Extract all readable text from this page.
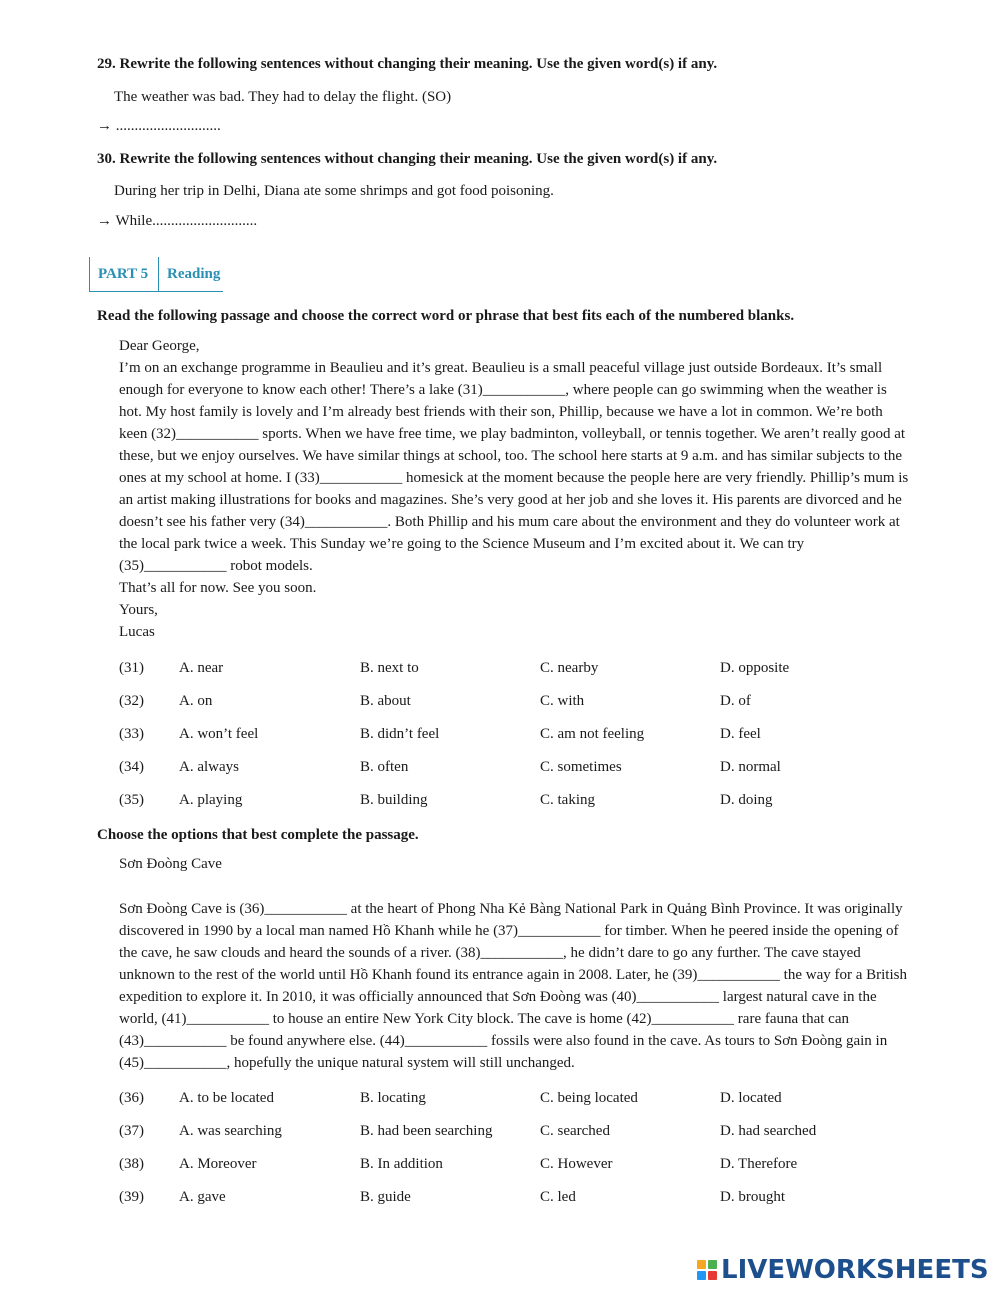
29. Rewrite the following sentences without changing their meaning. Use the given word(s) if any.
The weather was bad. They had to delay the flight. (SO)
→ ............................
30. Rewrite the following sentences without changing their meaning. Use the given word(s) if any.
During her trip in Delhi, Diana ate some shrimps and got food poisoning.
→ While............................
PART 5 Reading
Read the following passage and choose the correct word or phrase that best fits each of the numbered blanks.

Dear George,

I’m on an exchange programme in Beaulieu and it’s great. Beaulieu is a small peaceful village just outside Bordeaux. It’s small enough for everyone to know each other! There’s a lake (31)___________, where people can go swimming when the weather is hot. My host family is lovely and I’m already best friends with their son, Phillip, because we have a lot in common. We’re both keen (32)___________ sports. When we have free time, we play badminton, volleyball, or tennis together. We aren’t really good at these, but we enjoy ourselves. We have similar things at school, too. The school here starts at 9 a.m. and has similar subjects to the ones at my school at home. I (33)___________ homesick at the moment because the people here are very friendly. Phillip’s mum is an artist making illustrations for books and magazines. She’s very good at her job and she loves it. His parents are divorced and he doesn’t see his father very (34)___________. Both Phillip and his mum care about the environment and they do volunteer work at the local park twice a week. This Sunday we’re going to the Science Museum and I’m excited about it. We can try (35)___________ robot models.

That’s all for now. See you soon.

Yours,

Lucas

(31) A. near	B. next to	C. nearby	D. opposite
(32) A. on	B. about	C. with	D. of
(33) A. won’t feel	B. didn’t feel	C. am not feeling	D. feel
(34) A. always	B. often	C. sometimes	D. normal
(35) A. playing	B. building	C. taking	D. doing
Choose the options that best complete the passage.
Sơn Đoòng Cave

Sơn Đoòng Cave is (36)___________ at the heart of Phong Nha Kẻ Bàng National Park in Quảng Bình Province. It was originally discovered in 1990 by a local man named Hồ Khanh while he (37)___________ for timber. When he peered inside the opening of the cave, he saw clouds and heard the sounds of a river. (38)___________, he didn’t dare to go any further. The cave stayed unknown to the rest of the world until Hồ Khanh found its entrance again in 2008. Later, he (39)___________ the way for a British expedition to explore it. In 2010, it was officially announced that Sơn Đoòng was (40)___________ largest natural cave in the world, (41)___________ to house an entire New York City block. The cave is home (42)___________ rare fauna that can (43)___________ be found anywhere else. (44)___________ fossils were also found in the cave. As tours to Sơn Đoòng gain in (45)___________, hopefully the unique natural system will still unchanged.

(36) A. to be located	B. locating	C. being located	D. located
(37) A. was searching	B. had been searching	C. searched	D. had searched
(38) A. Moreover	B. In addition	C. However	D. Therefore
(39) A. gave	B. guide	C. led	D. brought
LIVEWORKSHEETS
